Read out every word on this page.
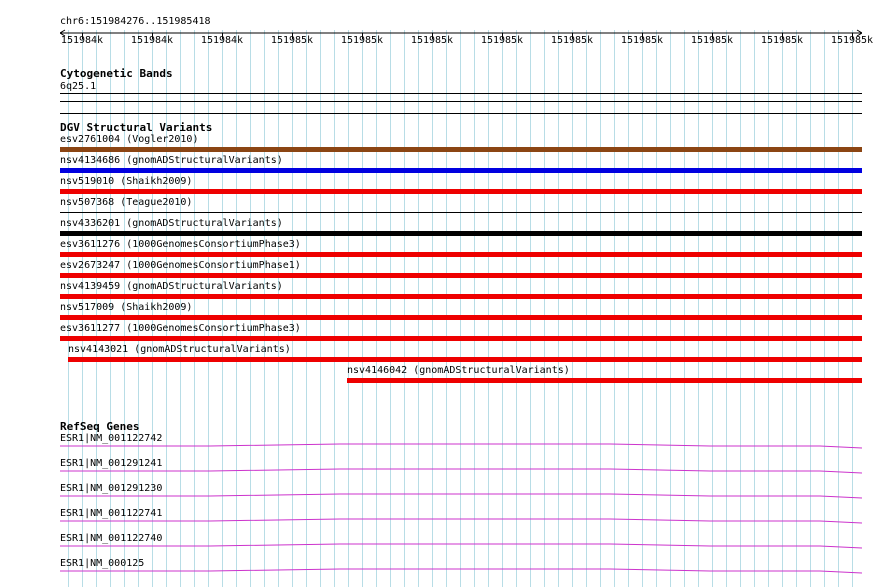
chr6:151984276..151985418
151984k	151984k	151984k	151985k	151985k	151985k	151985k	151985k	151985k	151985k	151985k	151985k
Cytogenetic Bands
6q25.1
DGV Structural Variants
esv2761004 (Vogler2010)
nsv4134686 (gnomADStructuralVariants)
nsv519010 (Shaikh2009)
nsv507368 (Teague2010)
nsv4336201 (gnomADStructuralVariants)
esv3611276 (1000GenomesConsortiumPhase3)
esv2673247 (1000GenomesConsortiumPhase1)
nsv4139459 (gnomADStructuralVariants)
nsv517009 (Shaikh2009)
esv3611277 (1000GenomesConsortiumPhase3)
nsv4143021 (gnomADStructuralVariants)
nsv4146042 (gnomADStructuralVariants)
RefSeq Genes
ESR1|NM_001122742
ESR1|NM_001291241
ESR1|NM_001291230
ESR1|NM_001122741
ESR1|NM_001122740
ESR1|NM_000125
